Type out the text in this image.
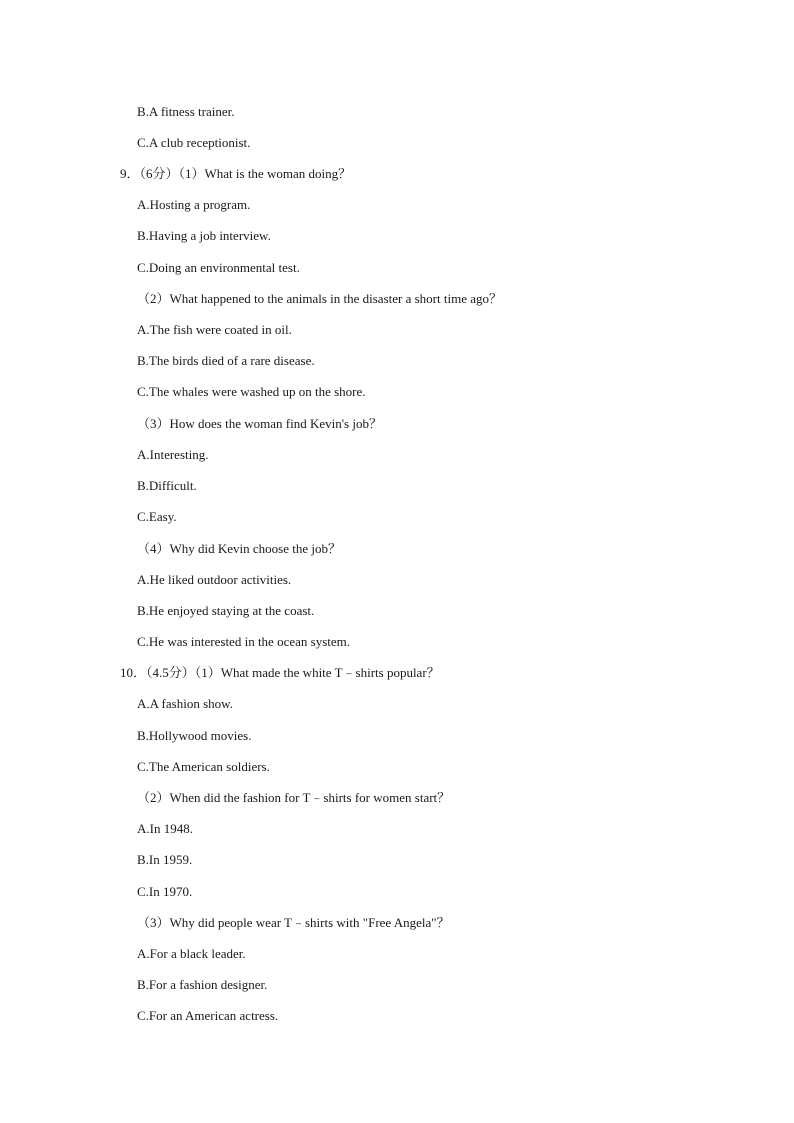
B.A fitness trainer.
C.A club receptionist.
9．（6分）（1）What is the woman doing？
A.Hosting a program.
B.Having a job interview.
C.Doing an environmental test.
（2）What happened to the animals in the disaster a short time ago？
A.The fish were coated in oil.
B.The birds died of a rare disease.
C.The whales were washed up on the shore.
（3）How does the woman find Kevin's job？
A.Interesting.
B.Difficult.
C.Easy.
（4）Why did Kevin choose the job？
A.He liked outdoor activities.
B.He enjoyed staying at the coast.
C.He was interested in the ocean system.
10．（4.5分）（1）What made the white T﹣shirts popular？
A.A fashion show.
B.Hollywood movies.
C.The American soldiers.
（2）When did the fashion for T﹣shirts for women start？
A.In 1948.
B.In 1959.
C.In 1970.
（3）Why did people wear T﹣shirts with "Free Angela"？
A.For a black leader.
B.For a fashion designer.
C.For an American actress.
